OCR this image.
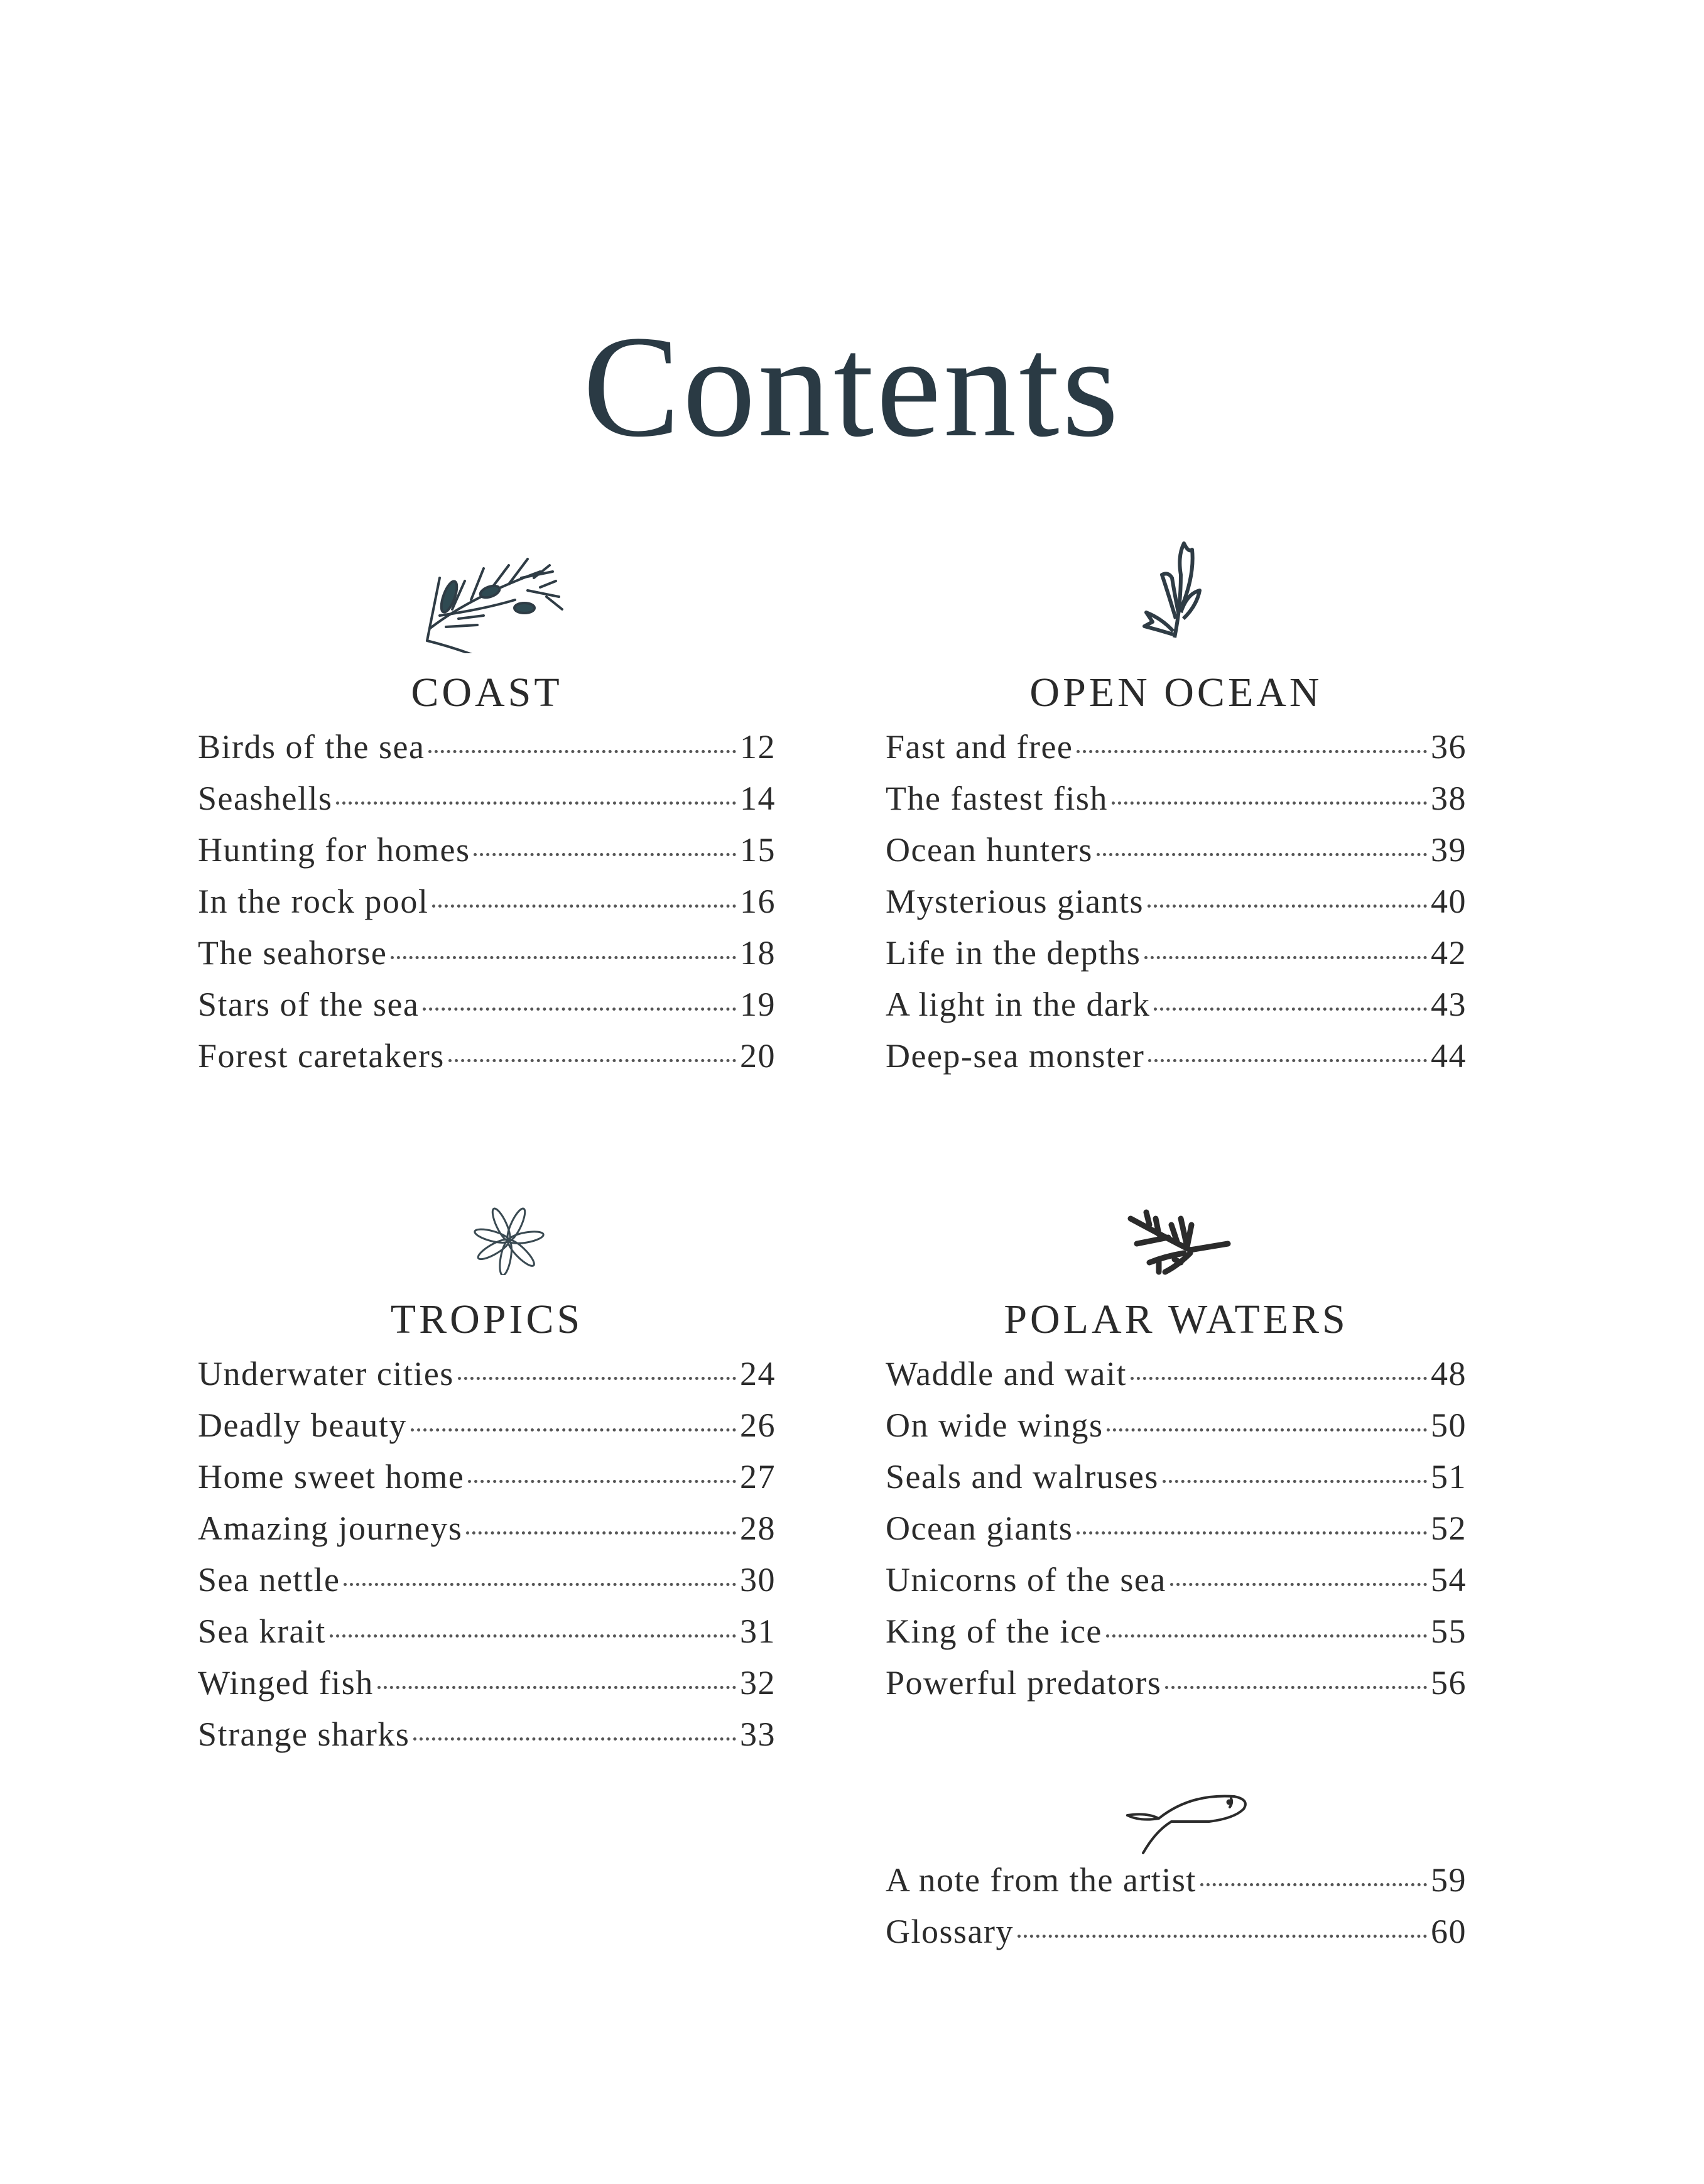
Contents
COAST
Birds of the sea	12
Seashells	14
Hunting for homes	15
In the rock pool	16
The seahorse	18
Stars of the sea	19
Forest caretakers	20
OPEN OCEAN
Fast and free	36
The fastest fish	38
Ocean hunters	39
Mysterious giants	40
Life in the depths	42
A light in the dark	43
Deep-sea monster	44
TROPICS
Underwater cities	24
Deadly beauty	26
Home sweet home	27
Amazing journeys	28
Sea nettle	30
Sea krait	31
Winged fish	32
Strange sharks	33
POLAR WATERS
Waddle and wait	48
On wide wings	50
Seals and walruses	51
Ocean giants	52
Unicorns of the sea	54
King of the ice	55
Powerful predators	56
A note from the artist	59
Glossary	60
